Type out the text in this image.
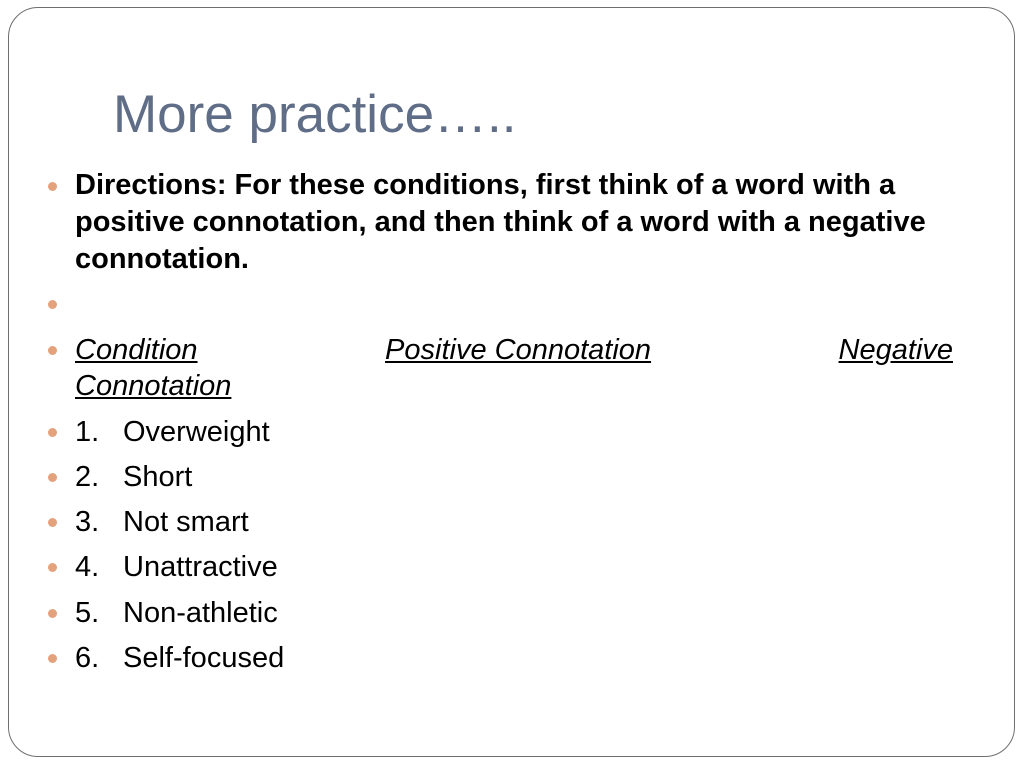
More practice…..
Directions: For these conditions, first think of a word with a positive connotation, and then think of a word with a negative connotation.
Condition	Positive Connotation	Negative
Connotation
1. Overweight
2. Short
3. Not smart
4. Unattractive
5. Non-athletic
6. Self-focused
